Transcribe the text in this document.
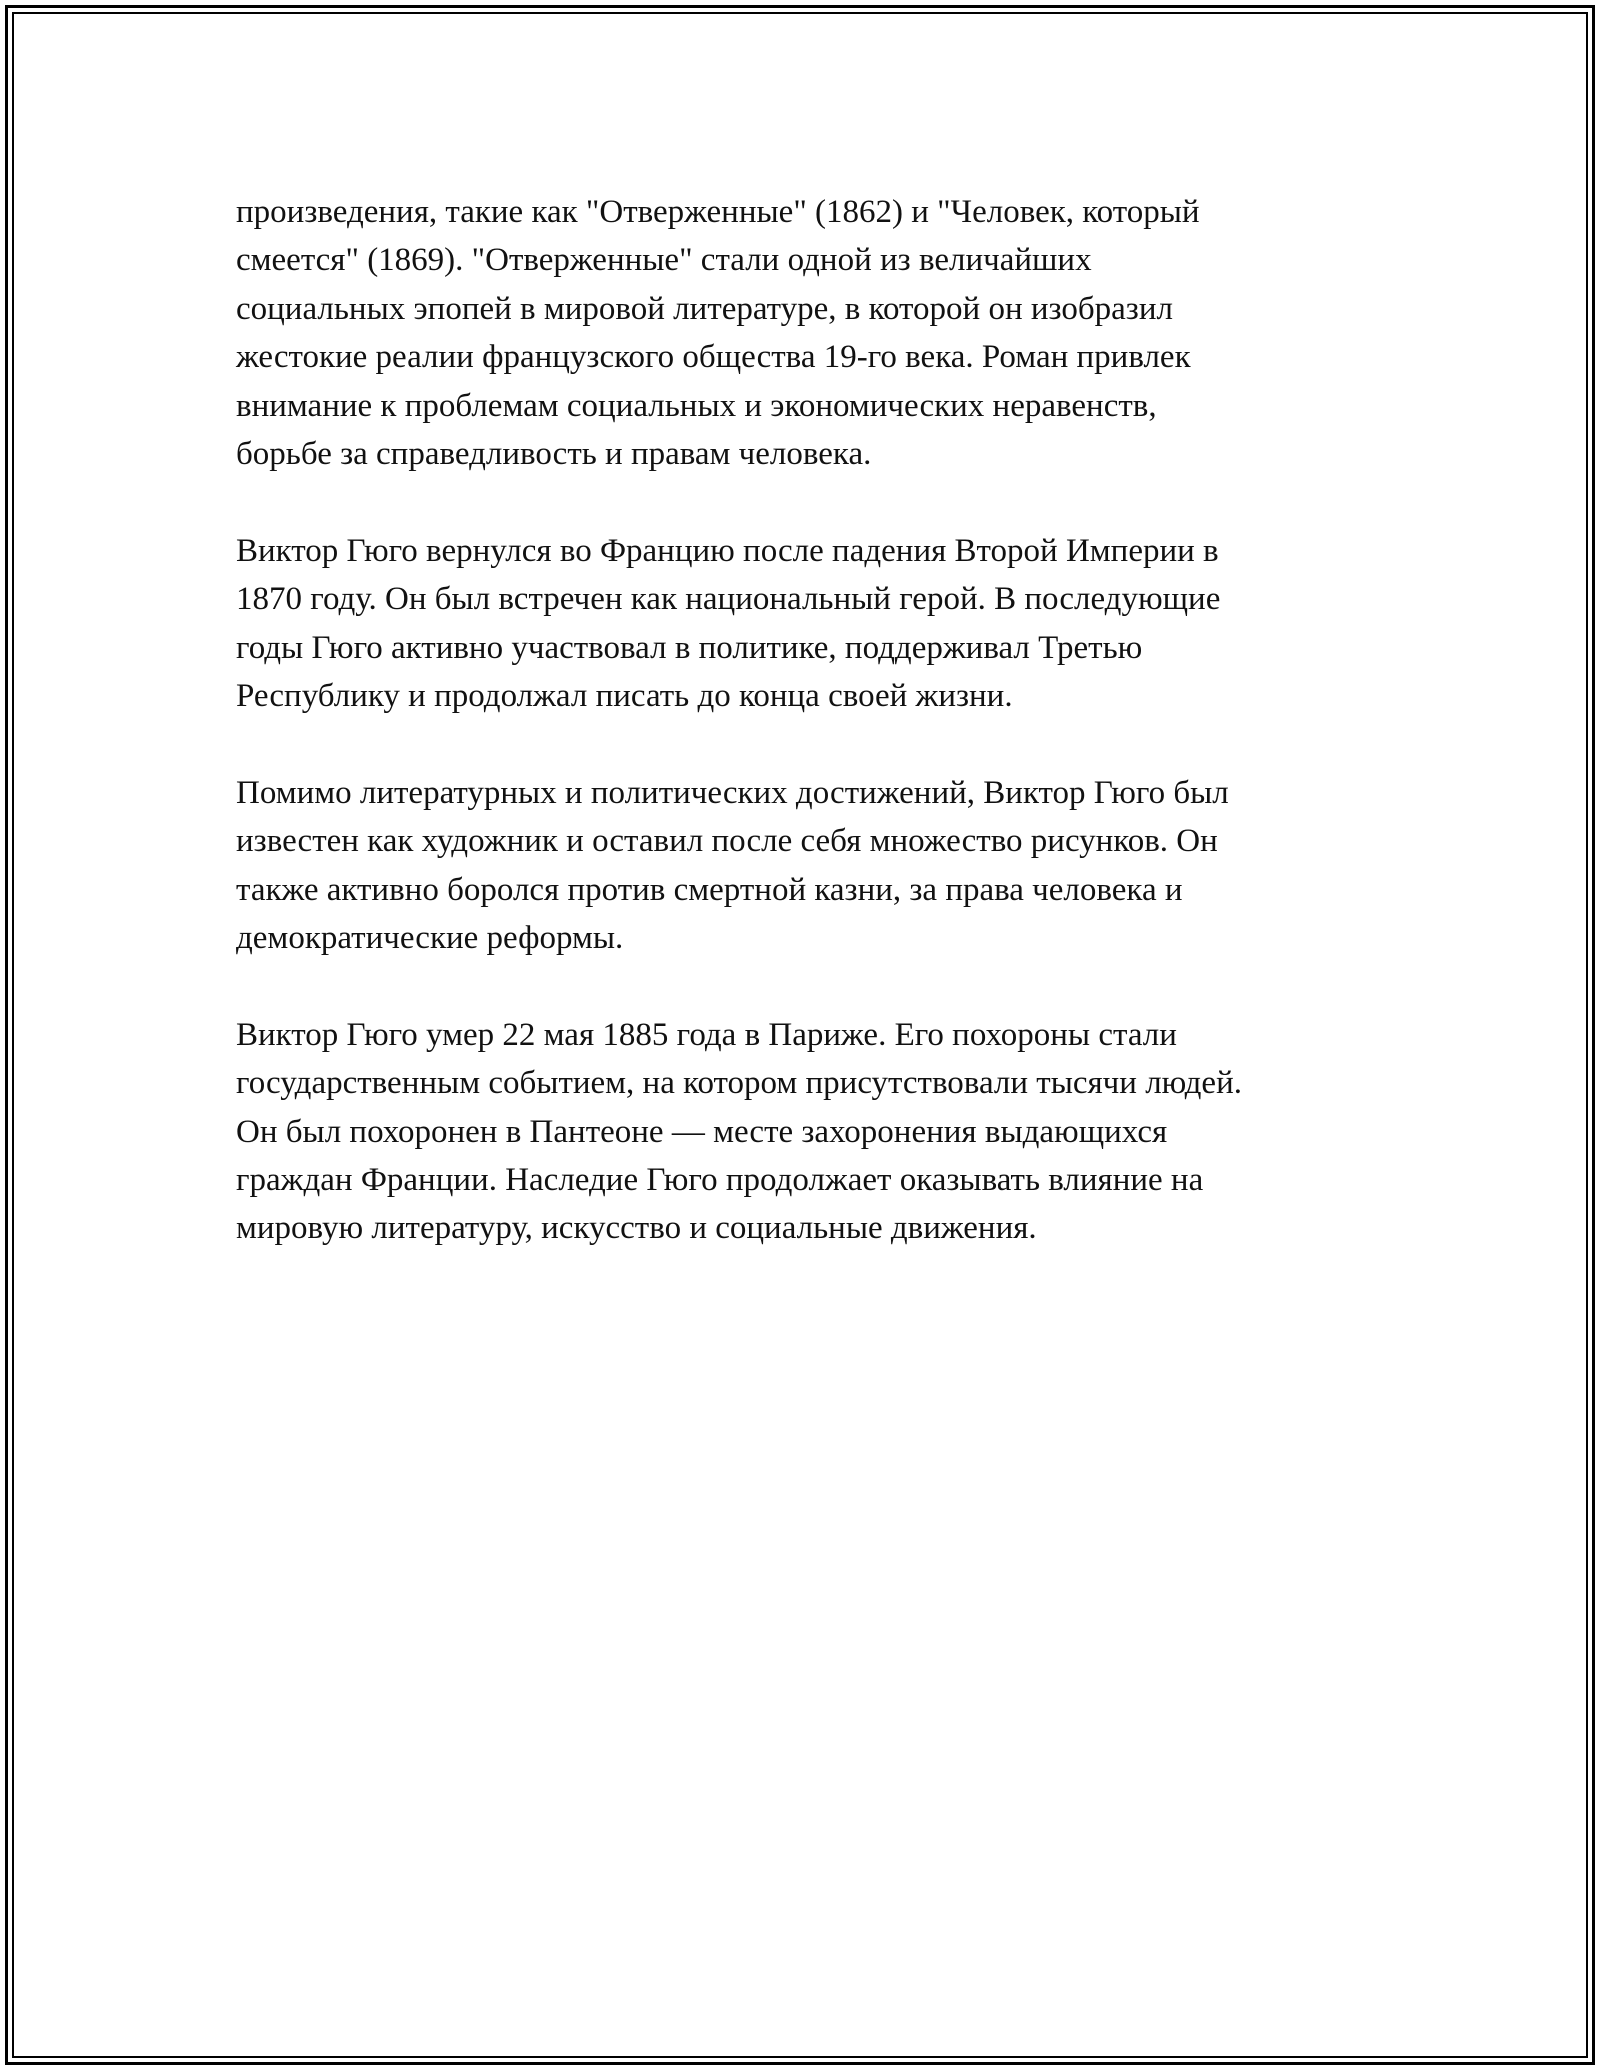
произведения, такие как "Отверженные" (1862) и "Человек, который
смеется" (1869). "Отверженные" стали одной из величайших
социальных эпопей в мировой литературе, в которой он изобразил
жестокие реалии французского общества 19-го века. Роман привлек
внимание к проблемам социальных и экономических неравенств,
борьбе за справедливость и правам человека.

Виктор Гюго вернулся во Францию после падения Второй Империи в
1870 году. Он был встречен как национальный герой. В последующие
годы Гюго активно участвовал в политике, поддерживал Третью
Республику и продолжал писать до конца своей жизни.

Помимо литературных и политических достижений, Виктор Гюго был
известен как художник и оставил после себя множество рисунков. Он
также активно боролся против смертной казни, за права человека и
демократические реформы.

Виктор Гюго умер 22 мая 1885 года в Париже. Его похороны стали
государственным событием, на котором присутствовали тысячи людей.
Он был похоронен в Пантеоне — месте захоронения выдающихся
граждан Франции. Наследие Гюго продолжает оказывать влияние на
мировую литературу, искусство и социальные движения.
